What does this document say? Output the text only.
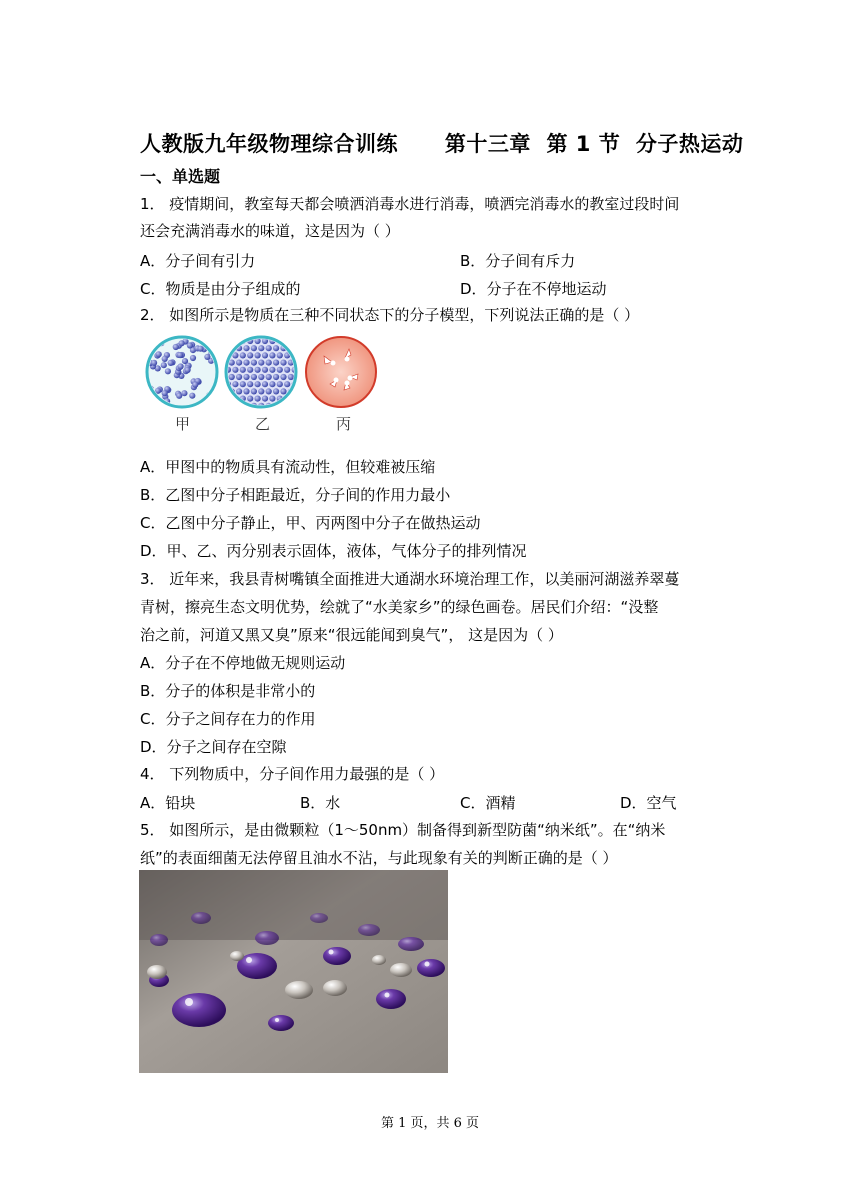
人教版九年级物理综合训练      第十三章  第 1 节  分子热运动
一、单选题
1． 疫情期间，教室每天都会喷洒消毒水进行消毒，喷洒完消毒水的教室过段时间
还会充满消毒水的味道，这是因为（ ）
A．分子间有引力	B．分子间有斥力
C．物质是由分子组成的	D．分子在不停地运动
2． 如图所示是物质在三种不同状态下的分子模型，下列说法正确的是（ ）
甲	乙	丙
A．甲图中的物质具有流动性，但较难被压缩
B．乙图中分子相距最近，分子间的作用力最小
C．乙图中分子静止，甲、丙两图中分子在做热运动
D．甲、乙、丙分别表示固体，液体，气体分子的排列情况
3． 近年来，我县青树嘴镇全面推进大通湖水环境治理工作，以美丽河湖滋养翠蔓
青树，擦亮生态文明优势，绘就了“水美家乡”的绿色画卷。居民们介绍：“没整
治之前，河道又黑又臭”原来“很远能闻到臭气”， 这是因为（ ）
A．分子在不停地做无规则运动
B．分子的体积是非常小的
C．分子之间存在力的作用
D．分子之间存在空隙
4． 下列物质中，分子间作用力最强的是（ ）
A．铅块	B．水	C．酒精	D．空气
5． 如图所示，是由微颗粒（1～50nm）制备得到新型防菌“纳米纸”。在“纳米
纸”的表面细菌无法停留且油水不沾，与此现象有关的判断正确的是（ ）
第 1 页，共 6 页
